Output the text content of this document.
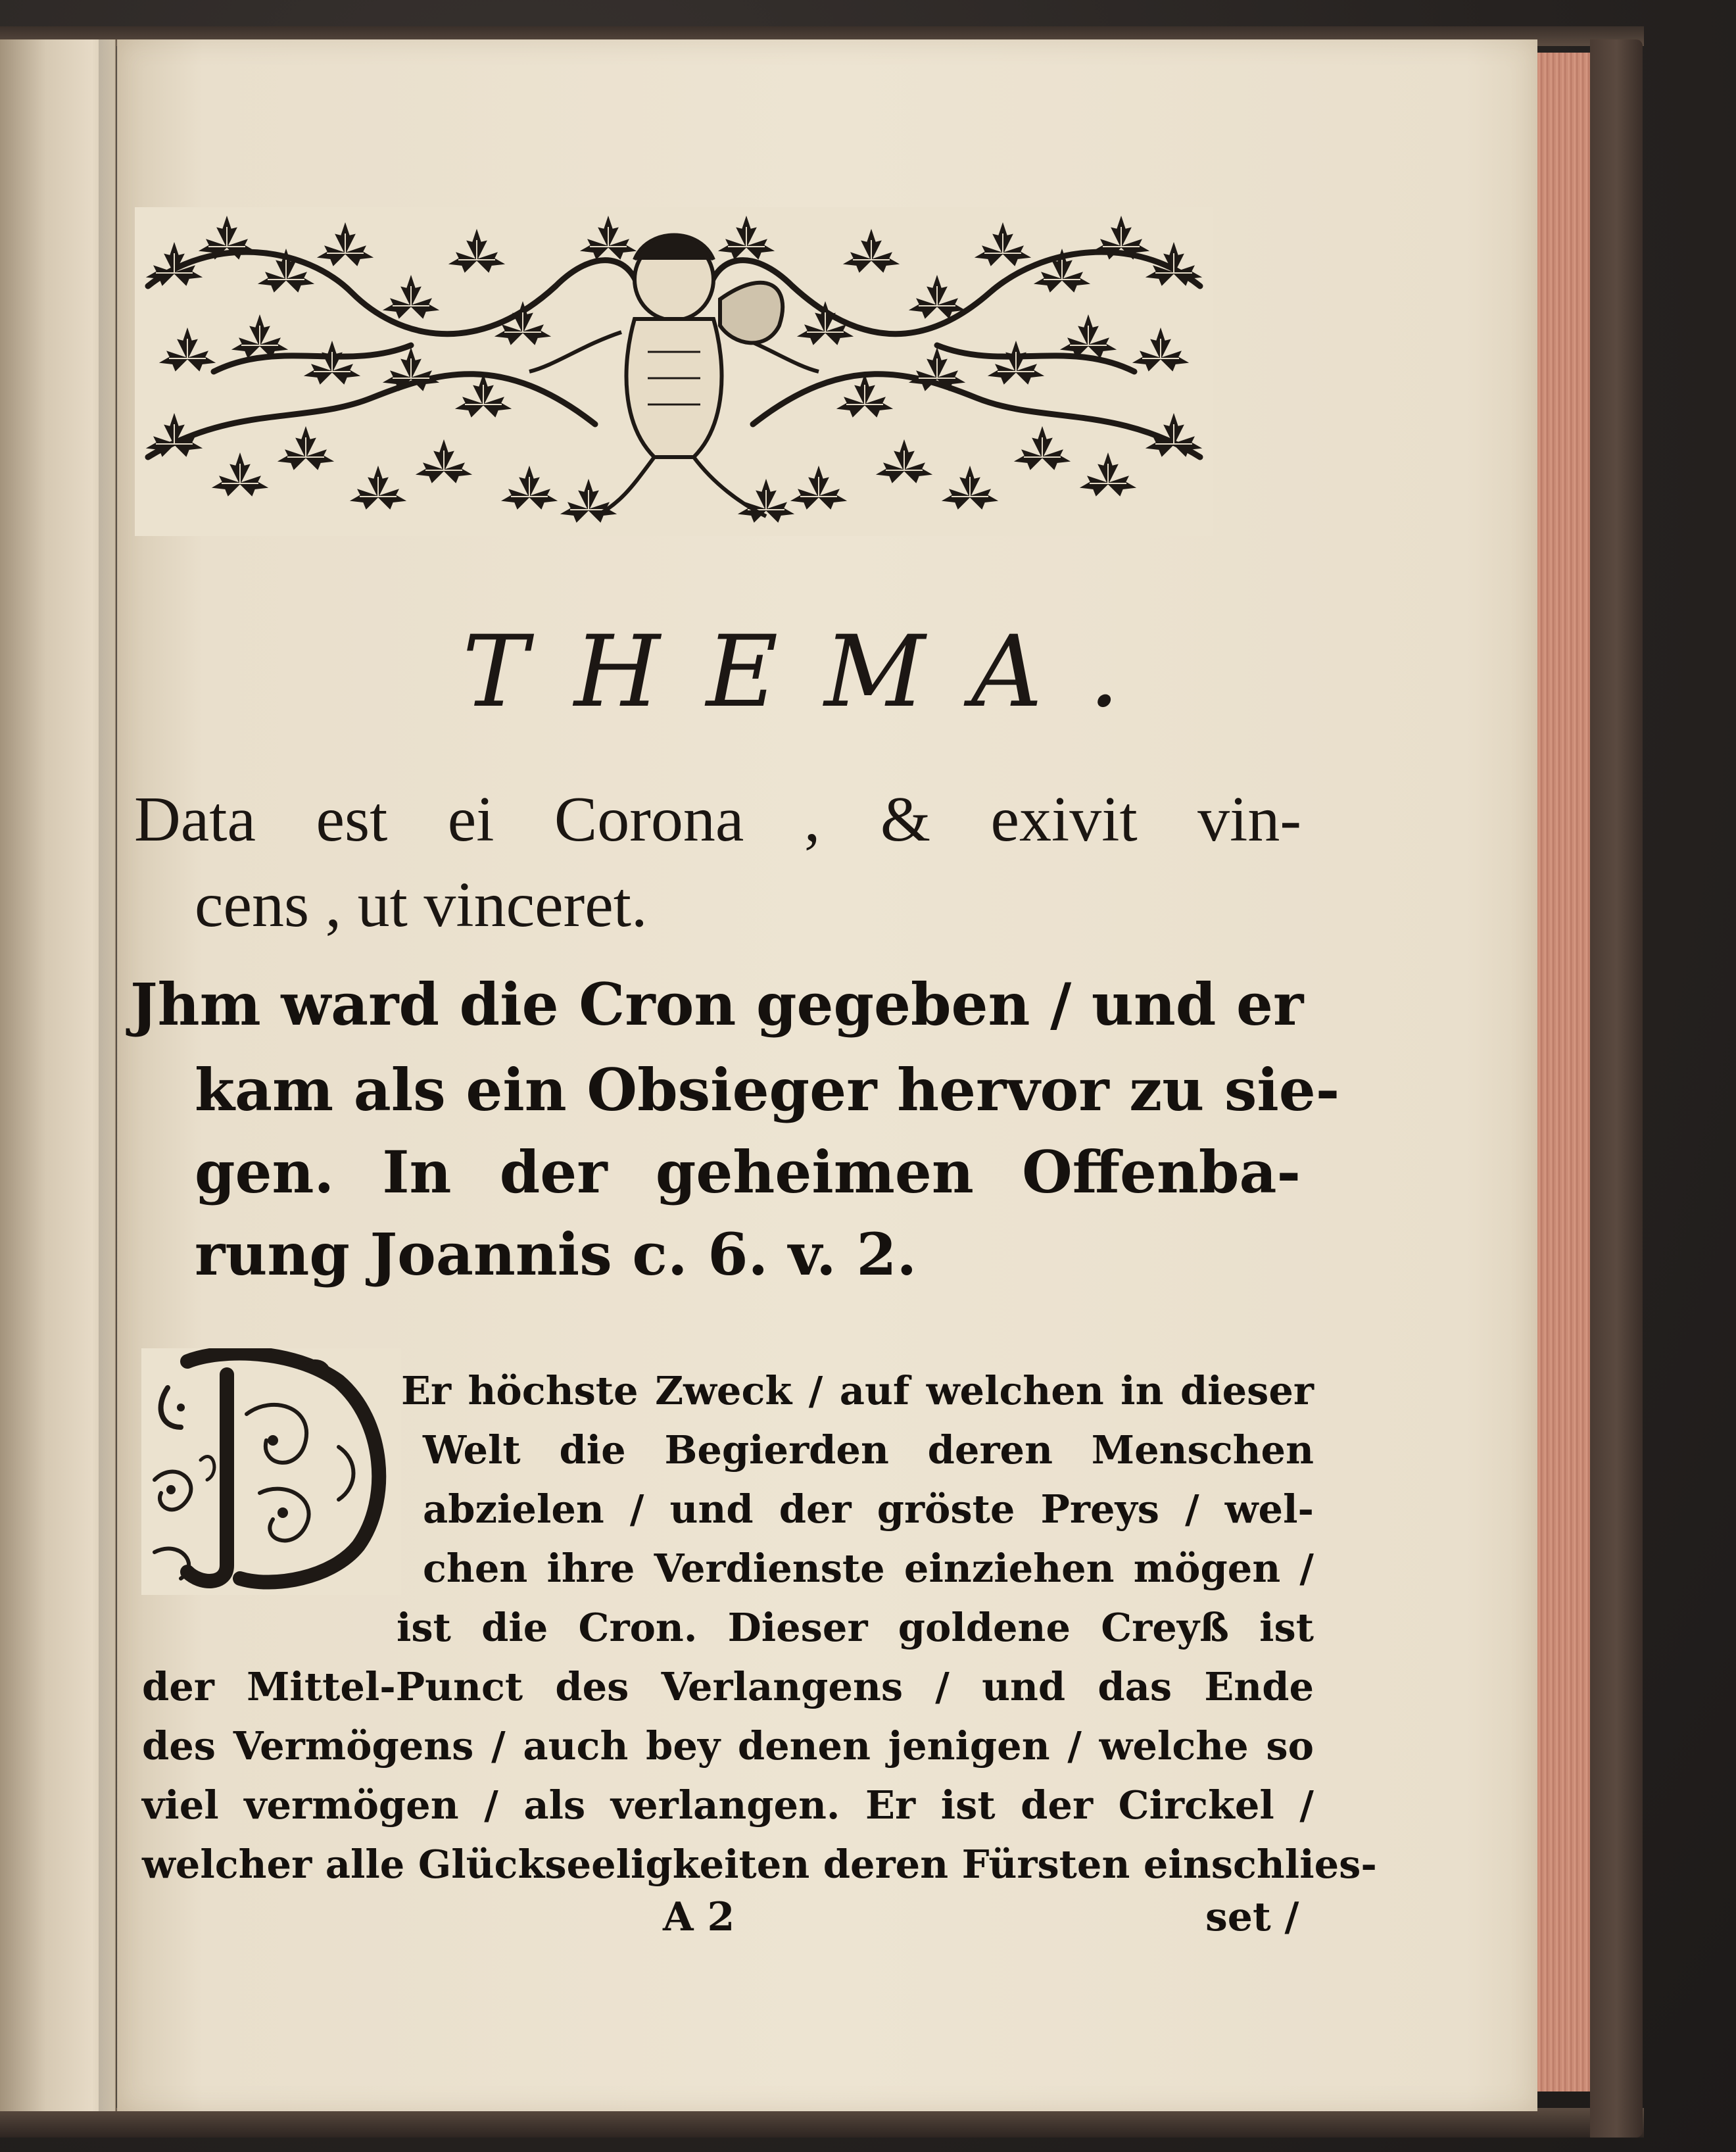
THEMA.
Data est ei Corona , & exivit vin-
cens , ut vinceret.
Jhm ward die Cron gegeben / und er
kam als ein Obsieger hervor zu sie-
gen. In der geheimen Offenba-
rung Joannis c. 6. v. 2.
Er höchste Zweck / auf welchen in dieser
Welt die Begierden deren Menschen
abzielen / und der gröste Preys / wel-
chen ihre Verdienste einziehen mögen /
ist die Cron. Dieser goldene Creyß ist
der Mittel-Punct des Verlangens / und das Ende
des Vermögens / auch bey denen jenigen / welche so
viel vermögen / als verlangen. Er ist der Circkel /
welcher alle Glückseeligkeiten deren Fürsten einschlies-
A 2	set /
